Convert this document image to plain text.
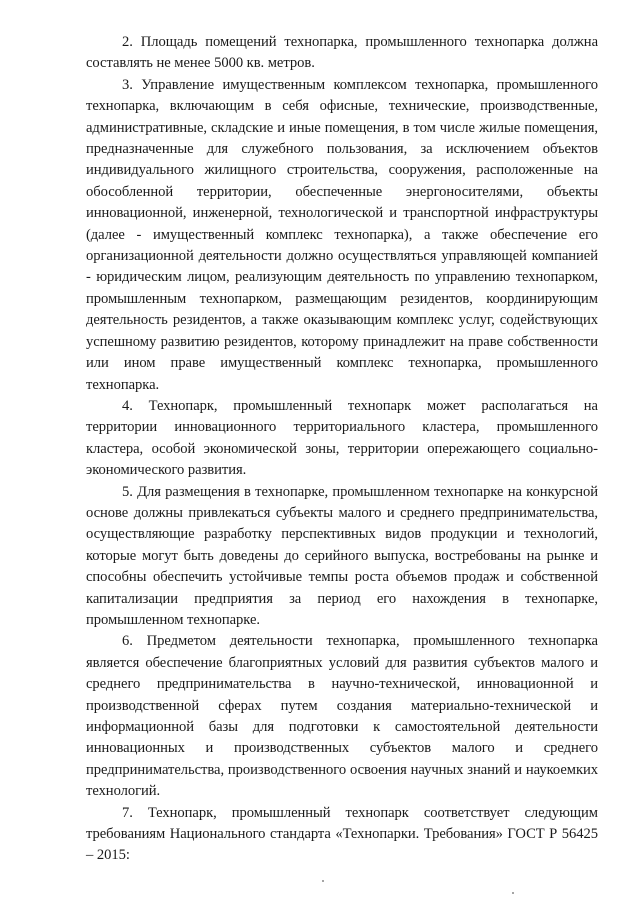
2. Площадь помещений технопарка, промышленного технопарка должна составлять не менее 5000 кв. метров.

3. Управление имущественным комплексом технопарка, промышленного технопарка, включающим в себя офисные, технические, производственные, административные, складские и иные помещения, в том числе жилые помещения, предназначенные для служебного пользования, за исключением объектов индивидуального жилищного строительства, сооружения, расположенные на обособленной территории, обеспеченные энергоносителями, объекты инновационной, инженерной, технологической и транспортной инфраструктуры (далее - имущественный комплекс технопарка), а также обеспечение его организационной деятельности должно осуществляться управляющей компанией - юридическим лицом, реализующим деятельность по управлению технопарком, промышленным технопарком, размещающим резидентов, координирующим деятельность резидентов, а также оказывающим комплекс услуг, содействующих успешному развитию резидентов, которому принадлежит на праве собственности или ином праве имущественный комплекс технопарка, промышленного технопарка.

4. Технопарк, промышленный технопарк может располагаться на территории инновационного территориального кластера, промышленного кластера, особой экономической зоны, территории опережающего социально-экономического развития.

5. Для размещения в технопарке, промышленном технопарке на конкурсной основе должны привлекаться субъекты малого и среднего предпринимательства, осуществляющие разработку перспективных видов продукции и технологий, которые могут быть доведены до серийного выпуска, востребованы на рынке и способны обеспечить устойчивые темпы роста объемов продаж и собственной капитализации предприятия за период его нахождения в технопарке, промышленном технопарке.

6. Предметом деятельности технопарка, промышленного технопарка является обеспечение благоприятных условий для развития субъектов малого и среднего предпринимательства в научно-технической, инновационной и производственной сферах путем создания материально-технической и информационной базы для подготовки к самостоятельной деятельности инновационных и производственных субъектов малого и среднего предпринимательства, производственного освоения научных знаний и наукоемких технологий.

7. Технопарк, промышленный технопарк соответствует следующим требованиям Национального стандарта «Технопарки. Требования» ГОСТ Р 56425 – 2015:
